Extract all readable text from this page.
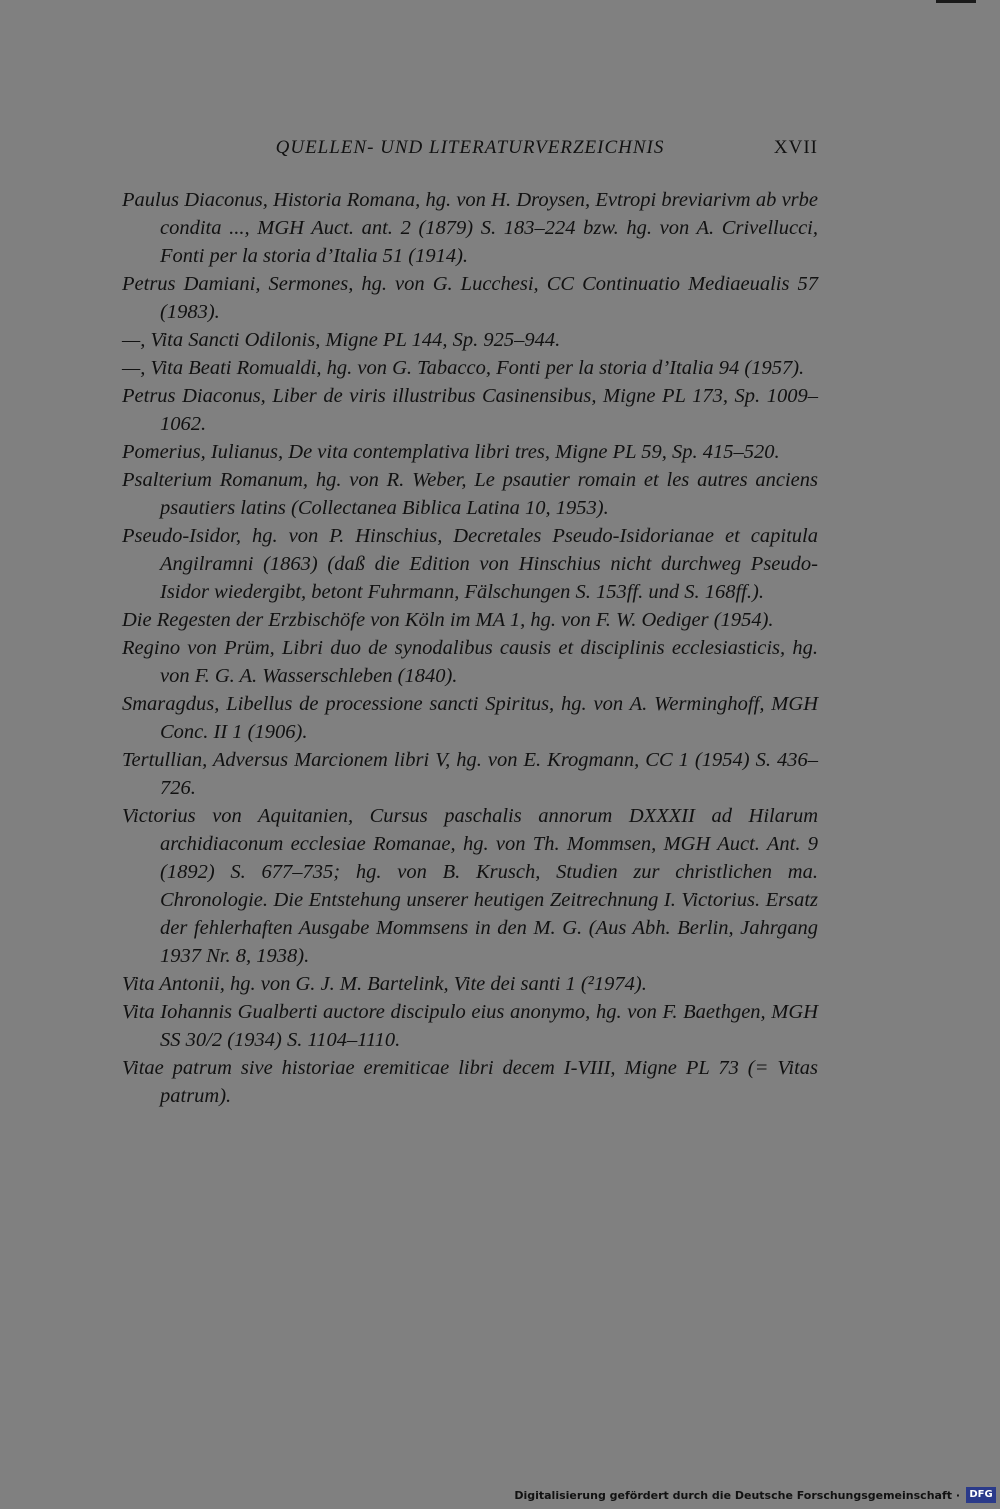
QUELLEN- UND LITERATURVERZEICHNIS	XVII

Paulus Diaconus, Historia Romana, hg. von H. Droysen, Evtropi breviarivm ab vrbe condita ..., MGH Auct. ant. 2 (1879) S. 183–224 bzw. hg. von A. Crivellucci, Fonti per la storia d’Italia 51 (1914).

Petrus Damiani, Sermones, hg. von G. Lucchesi, CC Continuatio Mediaeualis 57 (1983).

—, Vita Sancti Odilonis, Migne PL 144, Sp. 925–944.

—, Vita Beati Romualdi, hg. von G. Tabacco, Fonti per la storia d’Italia 94 (1957).

Petrus Diaconus, Liber de viris illustribus Casinensibus, Migne PL 173, Sp. 1009–1062.

Pomerius, Iulianus, De vita contemplativa libri tres, Migne PL 59, Sp. 415–520.

Psalterium Romanum, hg. von R. Weber, Le psautier romain et les autres anciens psautiers latins (Collectanea Biblica Latina 10, 1953).

Pseudo-Isidor, hg. von P. Hinschius, Decretales Pseudo-Isidorianae et capitula Angilramni (1863) (daß die Edition von Hinschius nicht durchweg Pseudo-Isidor wiedergibt, betont Fuhrmann, Fälschungen S. 153ff. und S. 168ff.).

Die Regesten der Erzbischöfe von Köln im MA 1, hg. von F. W. Oediger (1954).

Regino von Prüm, Libri duo de synodalibus causis et disciplinis ecclesiasticis, hg. von F. G. A. Wasserschleben (1840).

Smaragdus, Libellus de processione sancti Spiritus, hg. von A. Werminghoff, MGH Conc. II 1 (1906).

Tertullian, Adversus Marcionem libri V, hg. von E. Krogmann, CC 1 (1954) S. 436–726.

Victorius von Aquitanien, Cursus paschalis annorum DXXXII ad Hilarum archidiaconum ecclesiae Romanae, hg. von Th. Mommsen, MGH Auct. Ant. 9 (1892) S. 677–735; hg. von B. Krusch, Studien zur christlichen ma. Chronologie. Die Entstehung unserer heutigen Zeitrechnung I. Victorius. Ersatz der fehlerhaften Ausgabe Mommsens in den M. G. (Aus Abh. Berlin, Jahrgang 1937 Nr. 8, 1938).

Vita Antonii, hg. von G. J. M. Bartelink, Vite dei santi 1 (²1974).

Vita Iohannis Gualberti auctore discipulo eius anonymo, hg. von F. Baethgen, MGH SS 30/2 (1934) S. 1104–1110.

Vitae patrum sive historiae eremiticae libri decem I-VIII, Migne PL 73 (= Vitas patrum).

Digitalisierung gefördert durch die Deutsche Forschungsgemeinschaft · DFG
